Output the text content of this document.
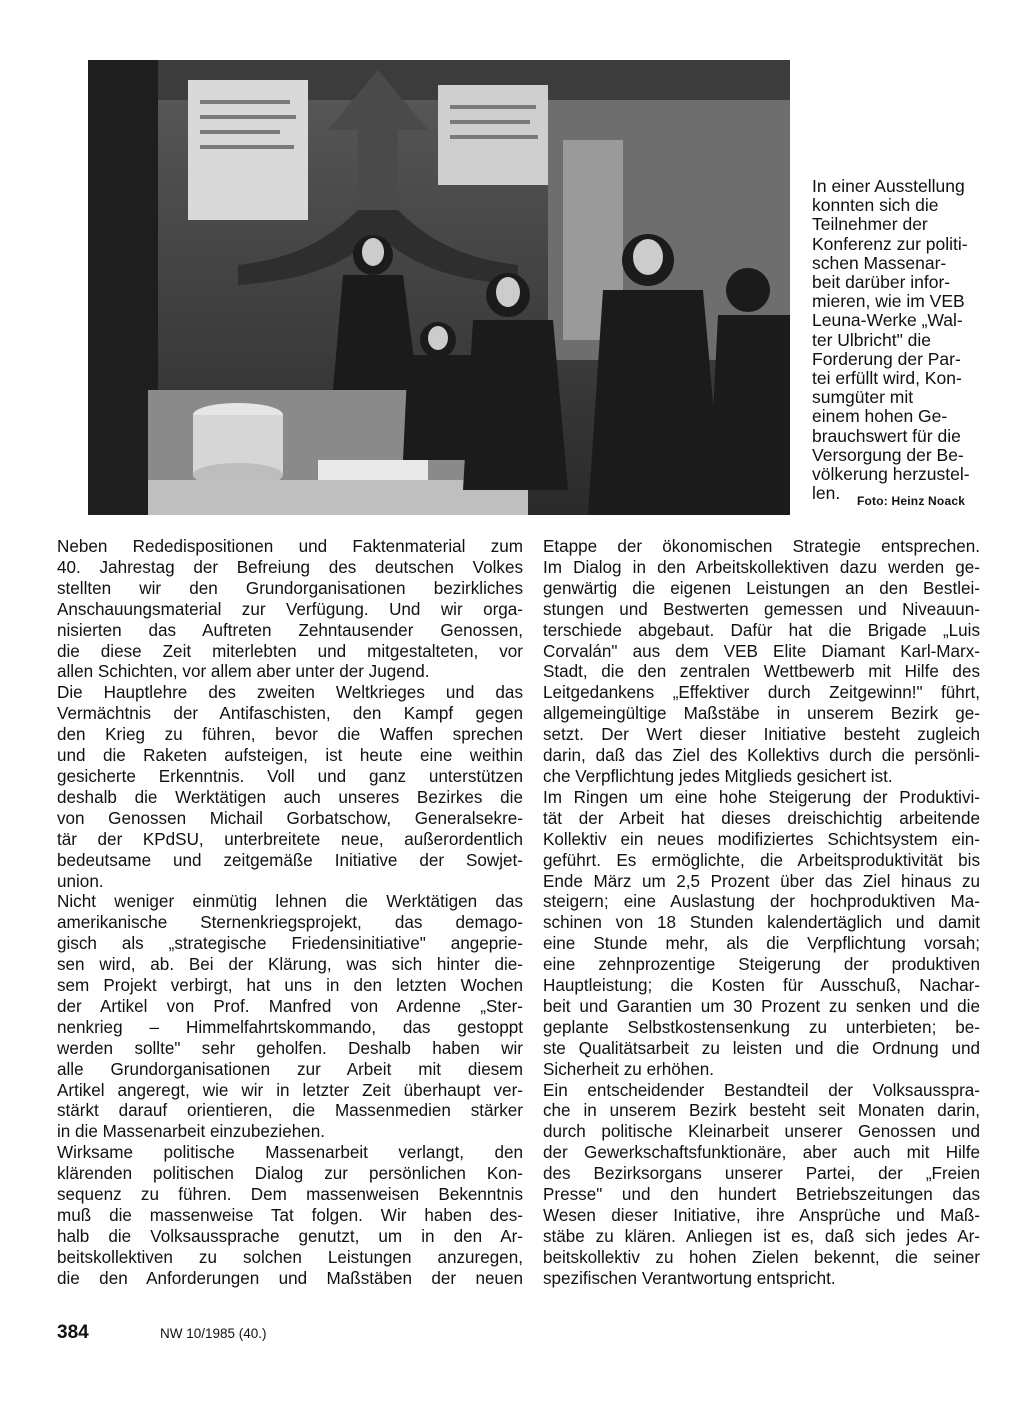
In einer Ausstellung
konnten sich die
Teilnehmer der
Konferenz zur politi-
schen Massenar-
beit darüber infor-
mieren, wie im VEB
Leuna-Werke „Wal-
ter Ulbricht" die
Forderung der Par-
tei erfüllt wird, Kon-
sumgüter mit
einem hohen Ge-
brauchswert für die
Versorgung der Be-
völkerung herzustel-
len.	Foto: Heinz Noack
Neben Rededispositionen und Faktenmaterial zum
40. Jahrestag der Befreiung des deutschen Volkes
stellten wir den Grundorganisationen bezirkliches
Anschauungsmaterial zur Verfügung. Und wir orga-
nisierten das Auftreten Zehntausender Genossen,
die diese Zeit miterlebten und mitgestalteten, vor
allen Schichten, vor allem aber unter der Jugend.
Die Hauptlehre des zweiten Weltkrieges und das
Vermächtnis der Antifaschisten, den Kampf gegen
den Krieg zu führen, bevor die Waffen sprechen
und die Raketen aufsteigen, ist heute eine weithin
gesicherte Erkenntnis. Voll und ganz unterstützen
deshalb die Werktätigen auch unseres Bezirkes die
von Genossen Michail Gorbatschow, Generalsekre-
tär der KPdSU, unterbreitete neue, außerordentlich
bedeutsame und zeitgemäße Initiative der Sowjet-
union.
Nicht weniger einmütig lehnen die Werktätigen das
amerikanische Sternenkriegsprojekt, das demago-
gisch als „strategische Friedensinitiative" angeprie-
sen wird, ab. Bei der Klärung, was sich hinter die-
sem Projekt verbirgt, hat uns in den letzten Wochen
der Artikel von Prof. Manfred von Ardenne „Ster-
nenkrieg – Himmelfahrtskommando, das gestoppt
werden sollte" sehr geholfen. Deshalb haben wir
alle Grundorganisationen zur Arbeit mit diesem
Artikel angeregt, wie wir in letzter Zeit überhaupt ver-
stärkt darauf orientieren, die Massenmedien stärker
in die Massenarbeit einzubeziehen.
Wirksame politische Massenarbeit verlangt, den
klärenden politischen Dialog zur persönlichen Kon-
sequenz zu führen. Dem massenweisen Bekenntnis
muß die massenweise Tat folgen. Wir haben des-
halb die Volksaussprache genutzt, um in den Ar-
beitskollektiven zu solchen Leistungen anzuregen,
die den Anforderungen und Maßstäben der neuen
Etappe der ökonomischen Strategie entsprechen.
Im Dialog in den Arbeitskollektiven dazu werden ge-
genwärtig die eigenen Leistungen an den Bestlei-
stungen und Bestwerten gemessen und Niveauun-
terschiede abgebaut. Dafür hat die Brigade „Luis
Corvalán" aus dem VEB Elite Diamant Karl-Marx-
Stadt, die den zentralen Wettbewerb mit Hilfe des
Leitgedankens „Effektiver durch Zeitgewinn!" führt,
allgemeingültige Maßstäbe in unserem Bezirk ge-
setzt. Der Wert dieser Initiative besteht zugleich
darin, daß das Ziel des Kollektivs durch die persönli-
che Verpflichtung jedes Mitglieds gesichert ist.
Im Ringen um eine hohe Steigerung der Produktivi-
tät der Arbeit hat dieses dreischichtig arbeitende
Kollektiv ein neues modifiziertes Schichtsystem ein-
geführt. Es ermöglichte, die Arbeitsproduktivität bis
Ende März um 2,5 Prozent über das Ziel hinaus zu
steigern; eine Auslastung der hochproduktiven Ma-
schinen von 18 Stunden kalendertäglich und damit
eine Stunde mehr, als die Verpflichtung vorsah;
eine zehnprozentige Steigerung der produktiven
Hauptleistung; die Kosten für Ausschuß, Nachar-
beit und Garantien um 30 Prozent zu senken und die
geplante Selbstkostensenkung zu unterbieten; be-
ste Qualitätsarbeit zu leisten und die Ordnung und
Sicherheit zu erhöhen.
Ein entscheidender Bestandteil der Volksausspra-
che in unserem Bezirk besteht seit Monaten darin,
durch politische Kleinarbeit unserer Genossen und
der Gewerkschaftsfunktionäre, aber auch mit Hilfe
des Bezirksorgans unserer Partei, der „Freien
Presse" und den hundert Betriebszeitungen das
Wesen dieser Initiative, ihre Ansprüche und Maß-
stäbe zu klären. Anliegen ist es, daß sich jedes Ar-
beitskollektiv zu hohen Zielen bekennt, die seiner
spezifischen Verantwortung entspricht.
384	NW 10/1985 (40.)
